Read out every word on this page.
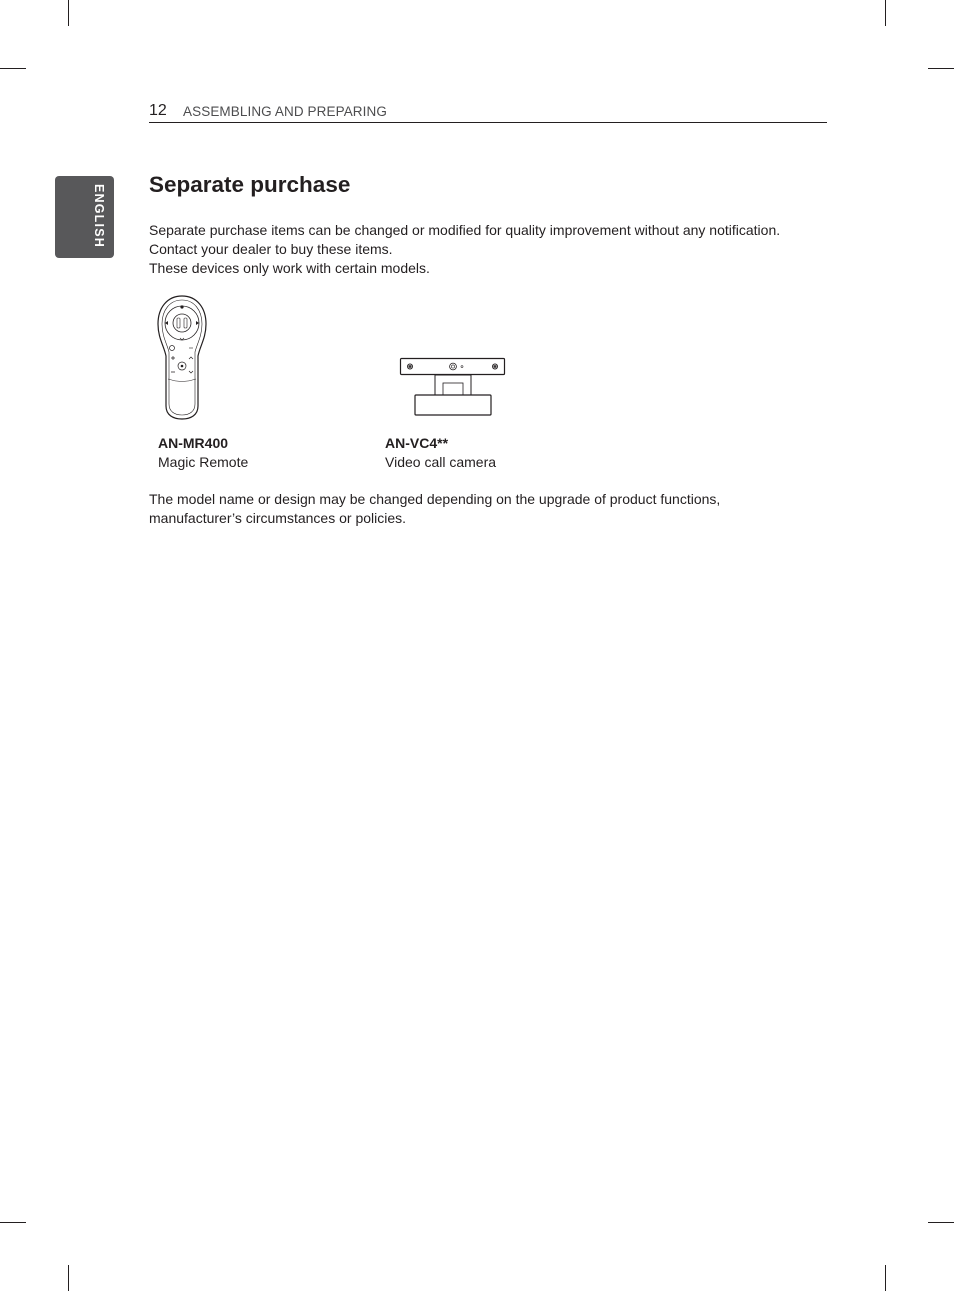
12 ASSEMBLING AND PREPARING
ENGLISH Separate purchase

Separate purchase items can be changed or modified for quality improvement without any notification.

Contact your dealer to buy these items.

These devices only work with certain models.

AN-MR400
Magic Remote
AN-VC4**
Video call camera

The model name or design may be changed depending on the upgrade of product functions,

manufacturer’s circumstances or policies.
